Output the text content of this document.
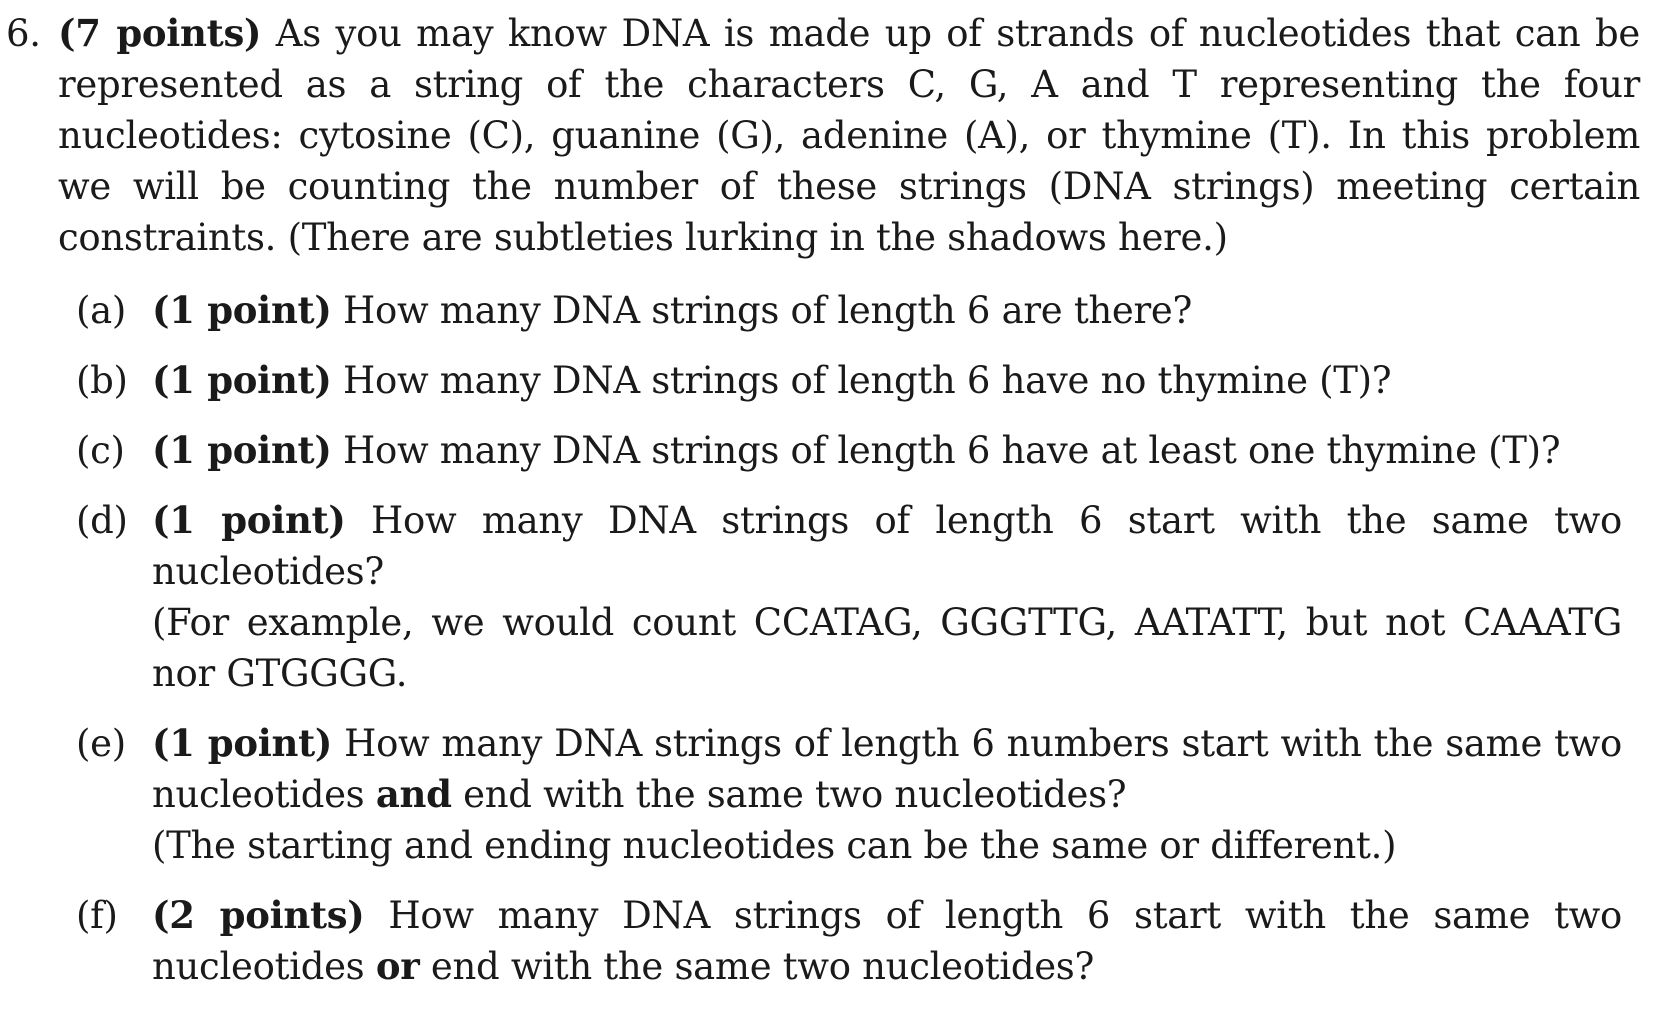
6. (7 points) As you may know DNA is made up of strands of nucleotides that can be represented as a string of the characters C, G, A and T representing the four nucleotides: cytosine (C), guanine (G), adenine (A), or thymine (T). In this problem we will be counting the number of these strings (DNA strings) meeting certain constraints. (There are subtleties lurking in the shadows here.)
(a) (1 point) How many DNA strings of length 6 are there?
(b) (1 point) How many DNA strings of length 6 have no thymine (T)?
(c) (1 point) How many DNA strings of length 6 have at least one thymine (T)?
(d) (1 point) How many DNA strings of length 6 start with the same two nucleotides?
(For example, we would count CCATAG, GGGTTG, AATATT, but not CAAATG nor GTGGGG.
(e) (1 point) How many DNA strings of length 6 numbers start with the same two nucleotides and end with the same two nucleotides?
(The starting and ending nucleotides can be the same or different.)
(f) (2 points) How many DNA strings of length 6 start with the same two nucleotides or end with the same two nucleotides?
